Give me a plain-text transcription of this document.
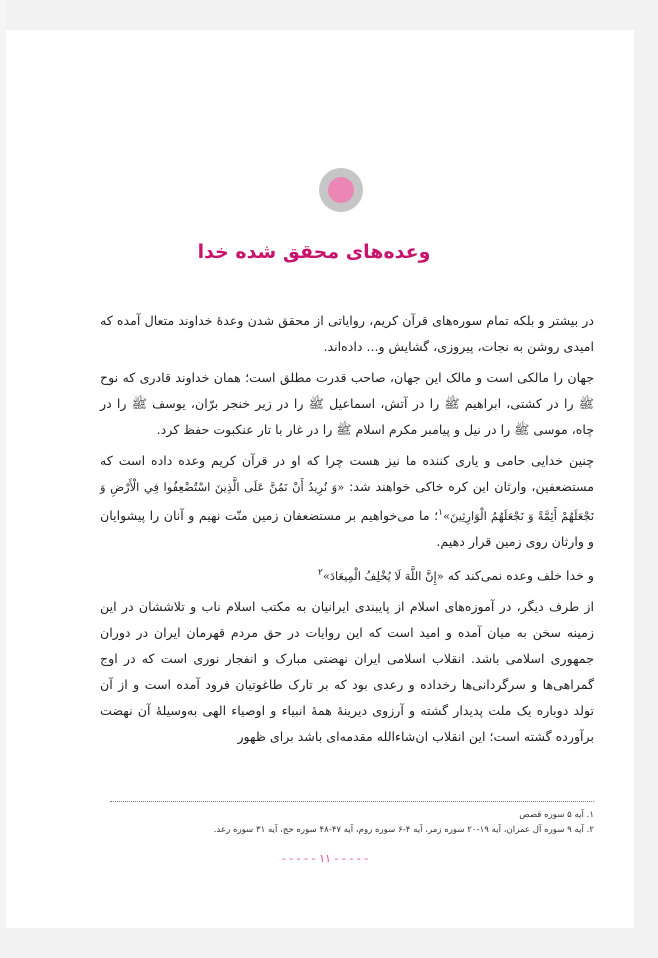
وعده‌های محقق شده خدا

در بیشتر و بلکه تمام سوره‌های قرآن کریم، روایاتی از محقق شدن وعدهٔ خداوند متعال آمده که امیدی روشن به نجات، پیروزی، گشایش و... داده‌اند.

جهان را مالکی است و مالک این جهان، صاحب قدرت مطلق است؛ همان خداوند قادری که نوح ﷺ را در کشتی، ابراهیم ﷺ را در آتش، اسماعیل ﷺ را در زیر خنجر برّان، یوسف ﷺ را در چاه، موسی ﷺ را در نیل و پیامبر مکرم اسلام ﷺ را در غار با تار عنکبوت حفظ کرد.

چنین خدایی حامی و یاری کننده ما نیز هست چرا که او در قرآن کریم وعده داده است که مستضعفین، وارثان این کره خاکی خواهند شد: «وَ نُرِيدُ أَنْ نَمُنَّ عَلَى الَّذِينَ اسْتُضْعِفُوا فِي الْأَرْضِ وَ نَجْعَلَهُمْ أَئِمَّةً وَ نَجْعَلَهُمُ الْوَارِثِينَ»$^۱$؛ ما می‌خواهیم بر مستضعفان زمین منّت نهیم و آنان را پیشوایان و وارثان روی زمین قرار دهیم.

و خدا خلف وعده نمی‌کند که «إِنَّ اللَّهَ لَا يُخْلِفُ الْمِيعَادَ»$^۲$

از طرف دیگر، در آموزه‌های اسلام از پایبندی ایرانیان به مکتب اسلام ناب و تلاششان در این زمینه سخن به میان آمده و امید است که این روایات در حق مردم قهرمان ایران در دوران جمهوری اسلامی باشد. انقلاب اسلامی ایران نهضتی مبارک و انفجار نوری است که در اوج گمراهی‌ها و سرگردانی‌ها رخداده و رعدی بود که بر تارک طاغوتیان فرود آمده است و از آن تولد دوباره یک ملت پدیدار گشته و آرزوی دیرینهٔ همهٔ انبیاء و اوصیاء الهی به‌وسیلهٔ آن نهضت برآورده گشته است؛ این انقلاب ان‌شاءالله مقدمه‌ای باشد برای ظهور

۱. آیه ۵ سوره قصص
۲. آیه ۹ سوره آل عمران، آیه ۱۹-۲۰ سوره زمر، آیه ۴-۶ سوره روم، آیه ۴۷-۴۸ سوره حج، آیه ۳۱ سوره رعد.
- - - - - ۱۱ - - - - -
